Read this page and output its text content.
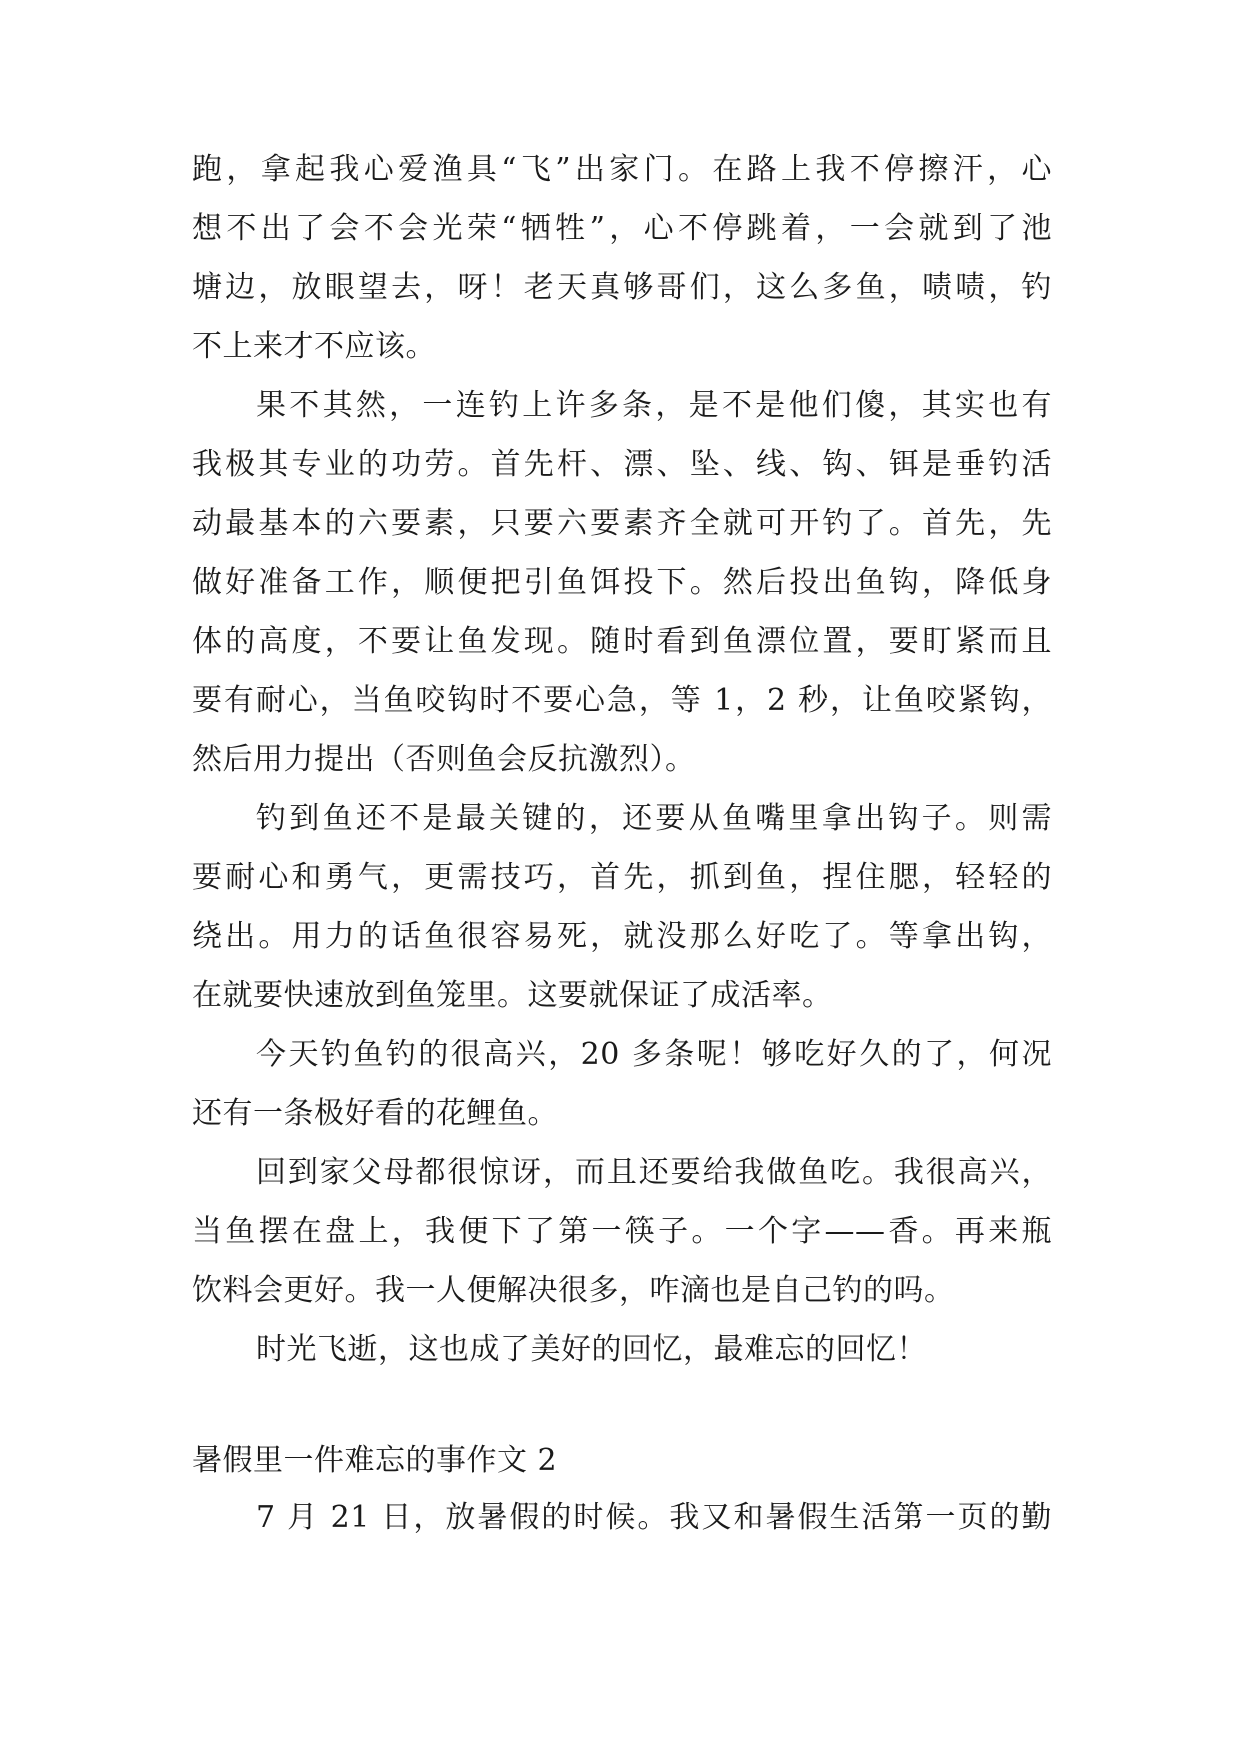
跑，拿起我心爱渔具“飞”出家门。在路上我不停擦汗，心
想不出了会不会光荣“牺牲”，心不停跳着，一会就到了池
塘边，放眼望去，呀！老天真够哥们，这么多鱼，啧啧，钓
不上来才不应该。
果不其然，一连钓上许多条，是不是他们傻，其实也有
我极其专业的功劳。首先杆、漂、坠、线、钩、铒是垂钓活
动最基本的六要素，只要六要素齐全就可开钓了。首先，先
做好准备工作，顺便把引鱼饵投下。然后投出鱼钩，降低身
体的高度，不要让鱼发现。随时看到鱼漂位置，要盯紧而且
要有耐心，当鱼咬钩时不要心急，等 1，2 秒，让鱼咬紧钩，
然后用力提出（否则鱼会反抗激烈）。
钓到鱼还不是最关键的，还要从鱼嘴里拿出钩子。则需
要耐心和勇气，更需技巧，首先，抓到鱼，捏住腮，轻轻的
绕出。用力的话鱼很容易死，就没那么好吃了。等拿出钩，
在就要快速放到鱼笼里。这要就保证了成活率。
今天钓鱼钓的很高兴，20 多条呢！够吃好久的了，何况
还有一条极好看的花鲤鱼。
回到家父母都很惊讶，而且还要给我做鱼吃。我很高兴，
当鱼摆在盘上，我便下了第一筷子。一个字——香。再来瓶
饮料会更好。我一人便解决很多，咋滴也是自己钓的吗。
时光飞逝，这也成了美好的回忆，最难忘的回忆！
暑假里一件难忘的事作文 2
7 月 21 日，放暑假的时候。我又和暑假生活第一页的勤
